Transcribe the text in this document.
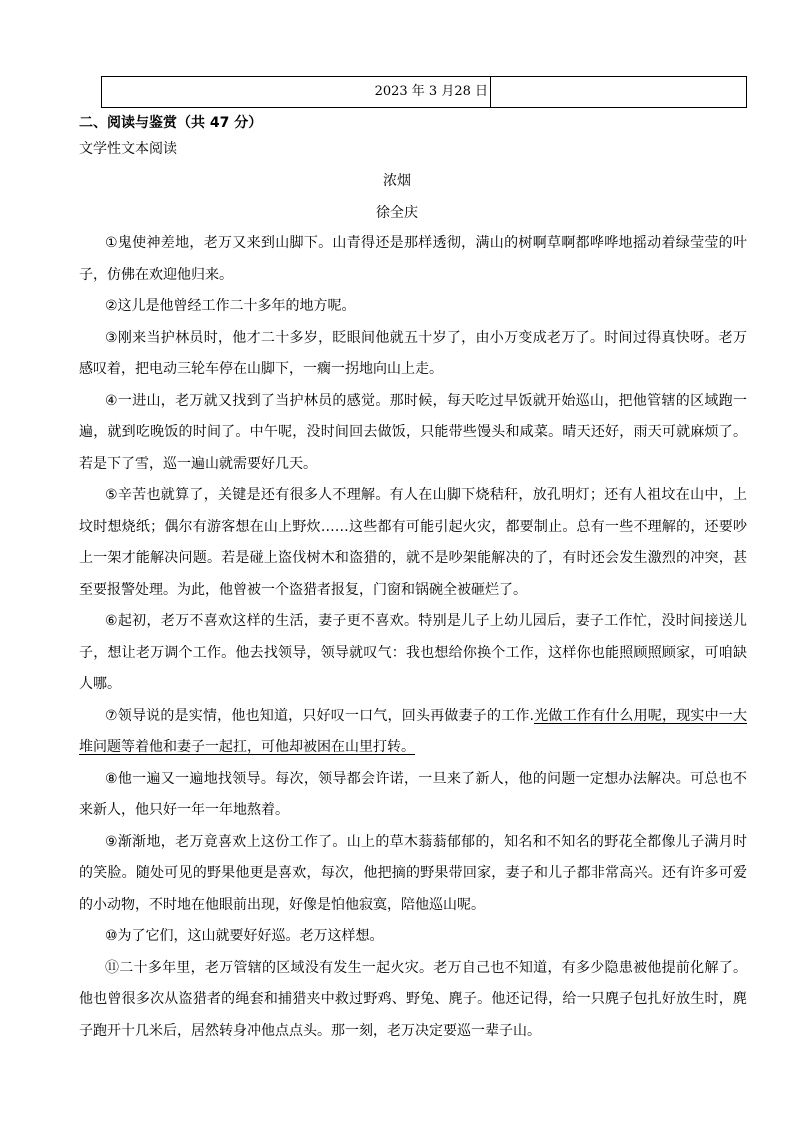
2023 年 3 月28 日
二、阅读与鉴赏（共 47 分）
文学性文本阅读
浓烟
徐全庆

①鬼使神差地，老万又来到山脚下。山青得还是那样透彻，满山的树啊草啊都哗哗地摇动着绿莹莹的叶子，仿佛在欢迎他归来。

②这儿是他曾经工作二十多年的地方呢。

③刚来当护林员时，他才二十多岁，眨眼间他就五十岁了，由小万变成老万了。时间过得真快呀。老万感叹着，把电动三轮车停在山脚下，一瘸一拐地向山上走。

④一进山，老万就又找到了当护林员的感觉。那时候，每天吃过早饭就开始巡山，把他管辖的区域跑一遍，就到吃晚饭的时间了。中午呢，没时间回去做饭，只能带些馒头和咸菜。晴天还好，雨天可就麻烦了。若是下了雪，巡一遍山就需要好几天。

⑤辛苦也就算了，关键是还有很多人不理解。有人在山脚下烧秸秆，放孔明灯；还有人祖坟在山中，上坟时想烧纸；偶尔有游客想在山上野炊……这些都有可能引起火灾，都要制止。总有一些不理解的，还要吵上一架才能解决问题。若是碰上盗伐树木和盗猎的，就不是吵架能解决的了，有时还会发生激烈的冲突，甚至要报警处理。为此，他曾被一个盗猎者报复，门窗和锅碗全被砸烂了。

⑥起初，老万不喜欢这样的生活，妻子更不喜欢。特别是儿子上幼儿园后，妻子工作忙，没时间接送儿子，想让老万调个工作。他去找领导，领导就叹气：我也想给你换个工作，这样你也能照顾照顾家，可咱缺人哪。

⑦领导说的是实情，他也知道，只好叹一口气，回头再做妻子的工作.光做工作有什么用呢，现实中一大堆问题等着他和妻子一起扛，可他却被困在山里打转。

⑧他一遍又一遍地找领导。每次，领导都会许诺，一旦来了新人，他的问题一定想办法解决。可总也不来新人，他只好一年一年地熬着。

⑨渐渐地，老万竟喜欢上这份工作了。山上的草木蓊蓊郁郁的，知名和不知名的野花全都像儿子满月时的笑脸。随处可见的野果他更是喜欢，每次，他把摘的野果带回家，妻子和儿子都非常高兴。还有许多可爱的小动物，不时地在他眼前出现，好像是怕他寂寞，陪他巡山呢。

⑩为了它们，这山就要好好巡。老万这样想。

⑪二十多年里，老万管辖的区域没有发生一起火灾。老万自己也不知道，有多少隐患被他提前化解了。他也曾很多次从盗猎者的绳套和捕猎夹中救过野鸡、野兔、麂子。他还记得，给一只麂子包扎好放生时，麂子跑开十几米后，居然转身冲他点点头。那一刻，老万决定要巡一辈子山。
